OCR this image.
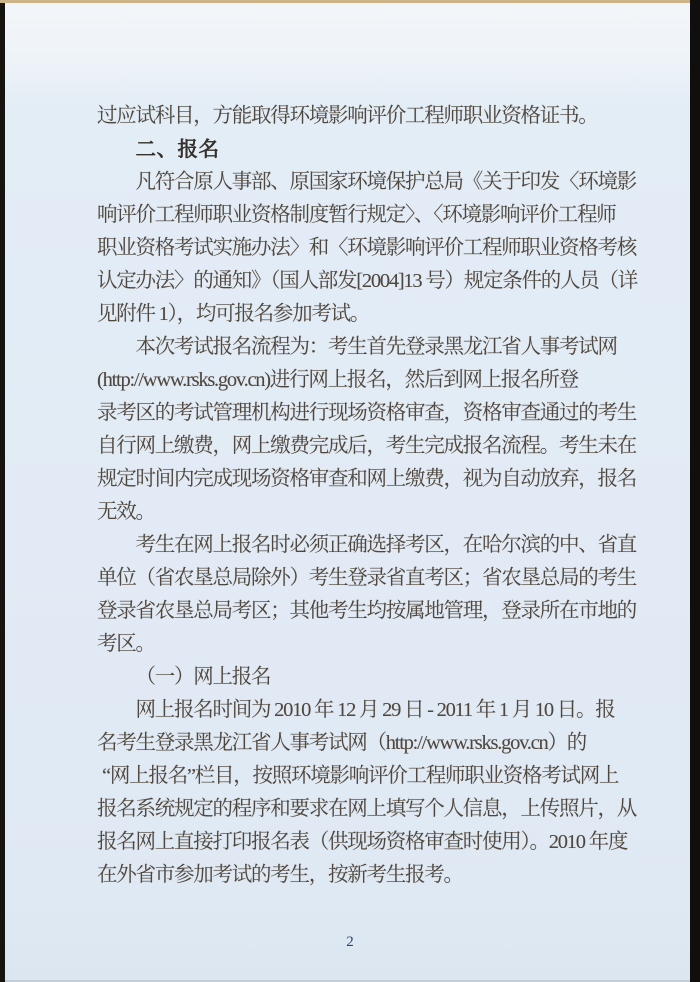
过应试科目，方能取得环境影响评价工程师职业资格证书。
二、报名
凡符合原人事部、原国家环境保护总局《关于印发〈环境影
响评价工程师职业资格制度暂行规定〉、〈环境影响评价工程师
职业资格考试实施办法〉和〈环境影响评价工程师职业资格考核
认定办法〉的通知》（国人部发[2004]13 号）规定条件的人员（详
见附件 1），均可报名参加考试。
本次考试报名流程为：考生首先登录黑龙江省人事考试网
(http://www.rsks.gov.cn)进行网上报名，然后到网上报名所登
录考区的考试管理机构进行现场资格审查，资格审查通过的考生
自行网上缴费，网上缴费完成后，考生完成报名流程。考生未在
规定时间内完成现场资格审查和网上缴费，视为自动放弃，报名
无效。
考生在网上报名时必须正确选择考区，在哈尔滨的中、省直
单位（省农垦总局除外）考生登录省直考区；省农垦总局的考生
登录省农垦总局考区；其他考生均按属地管理，登录所在市地的
考区。
（一）网上报名
网上报名时间为 2010 年 12 月 29 日 - 2011 年 1 月 10 日。报
名考生登录黑龙江省人事考试网（http://www.rsks.gov.cn）的
“网上报名”栏目，按照环境影响评价工程师职业资格考试网上
报名系统规定的程序和要求在网上填写个人信息，上传照片，从
报名网上直接打印报名表（供现场资格审查时使用）。2010 年度
在外省市参加考试的考生，按新考生报考。
2
